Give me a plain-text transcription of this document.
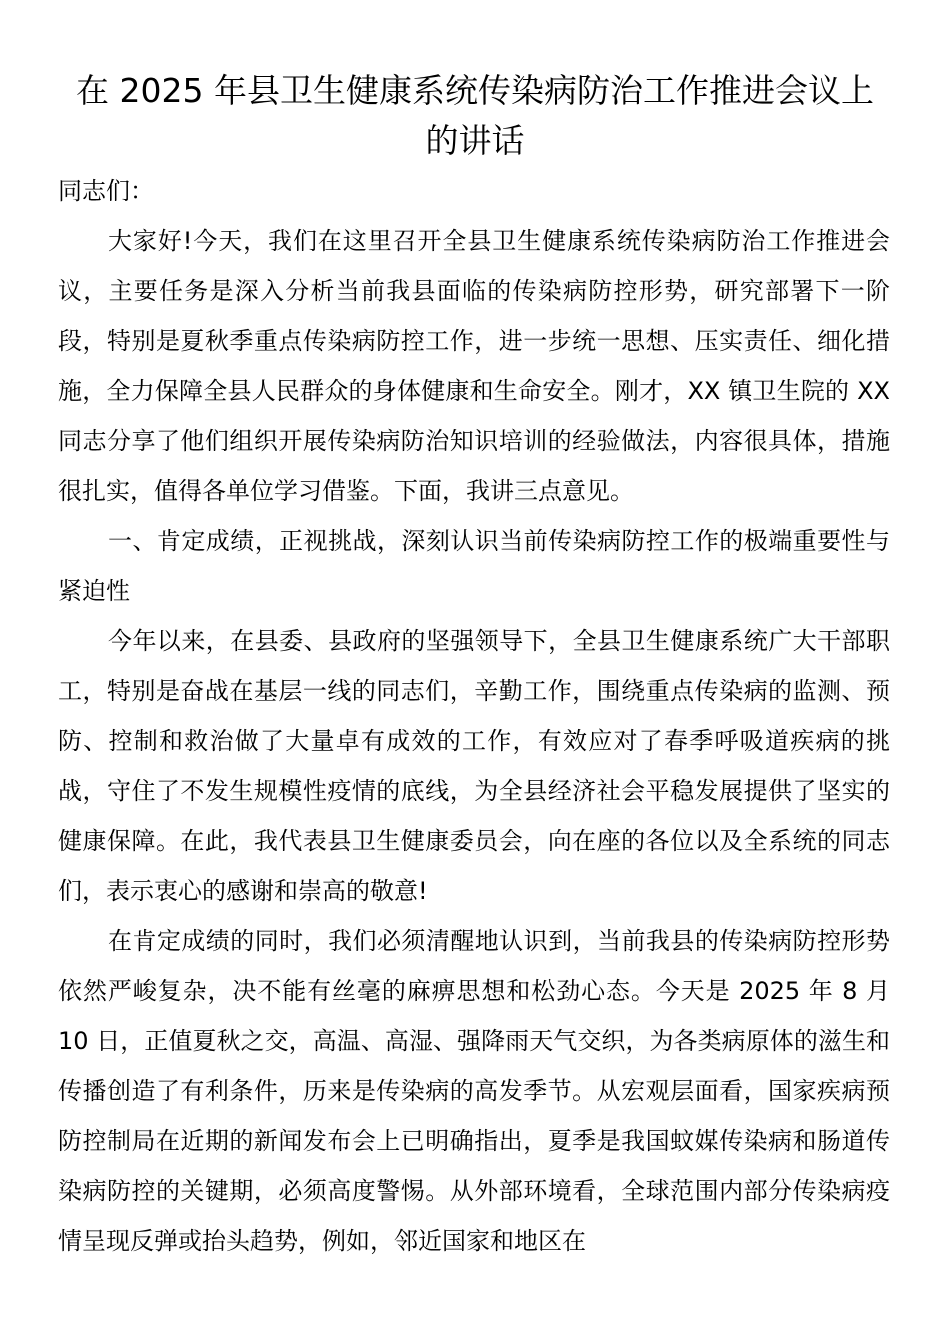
在 2025 年县卫生健康系统传染病防治工作推进会议上的讲话

同志们：

大家好!今天，我们在这里召开全县卫生健康系统传染病防治工作推进会议，主要任务是深入分析当前我县面临的传染病防控形势，研究部署下一阶段，特别是夏秋季重点传染病防控工作，进一步统一思想、压实责任、细化措施，全力保障全县人民群众的身体健康和生命安全。刚才，XX 镇卫生院的 XX 同志分享了他们组织开展传染病防治知识培训的经验做法，内容很具体，措施很扎实，值得各单位学习借鉴。下面，我讲三点意见。

一、肯定成绩，正视挑战，深刻认识当前传染病防控工作的极端重要性与紧迫性

今年以来，在县委、县政府的坚强领导下，全县卫生健康系统广大干部职工，特别是奋战在基层一线的同志们，辛勤工作，围绕重点传染病的监测、预防、控制和救治做了大量卓有成效的工作，有效应对了春季呼吸道疾病的挑战，守住了不发生规模性疫情的底线，为全县经济社会平稳发展提供了坚实的健康保障。在此，我代表县卫生健康委员会，向在座的各位以及全系统的同志们，表示衷心的感谢和崇高的敬意!

在肯定成绩的同时，我们必须清醒地认识到，当前我县的传染病防控形势依然严峻复杂，决不能有丝毫的麻痹思想和松劲心态。今天是 2025 年 8 月 10 日，正值夏秋之交，高温、高湿、强降雨天气交织，为各类病原体的滋生和传播创造了有利条件，历来是传染病的高发季节。从宏观层面看，国家疾病预防控制局在近期的新闻发布会上已明确指出，夏季是我国蚊媒传染病和肠道传染病防控的关键期，必须高度警惕。从外部环境看，全球范围内部分传染病疫情呈现反弹或抬头趋势，例如，邻近国家和地区在
